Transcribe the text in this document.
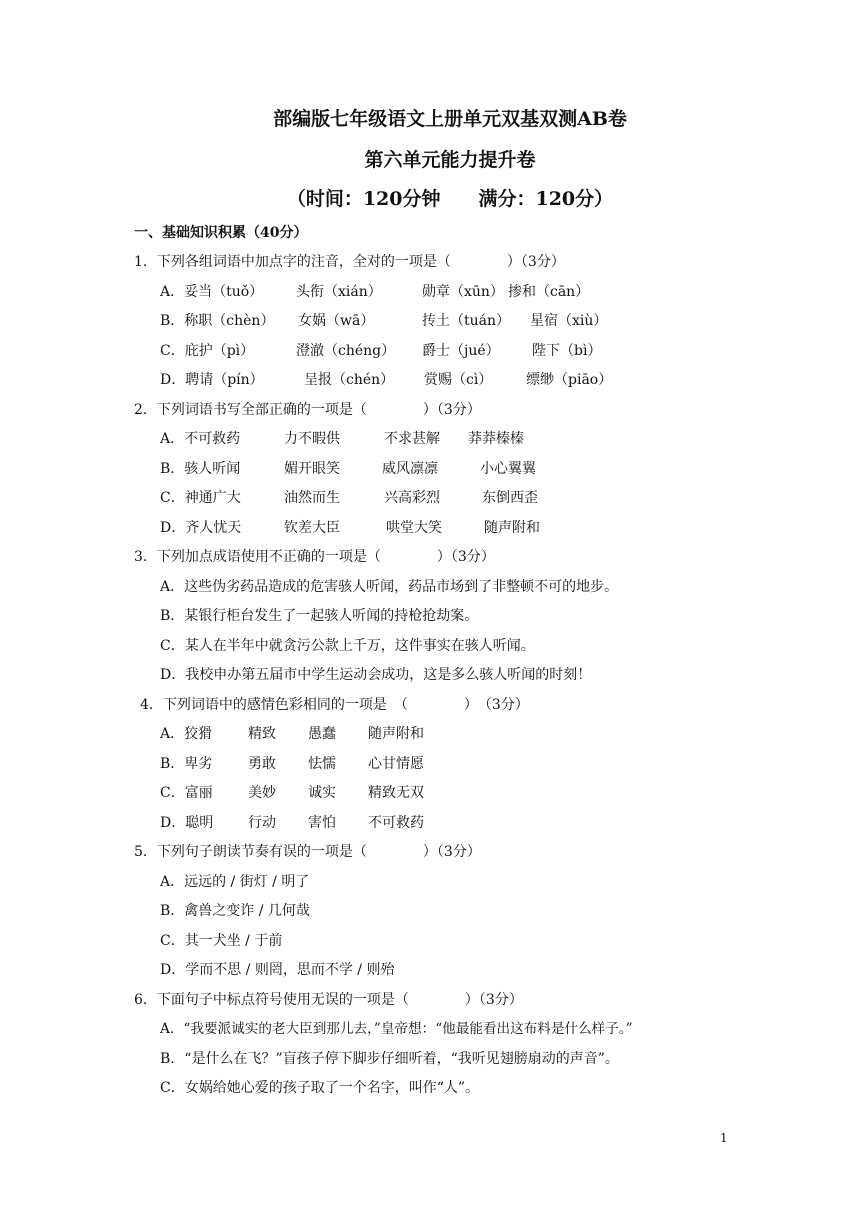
部编版七年级语文上册单元双基双测AB卷
第六单元能力提升卷
（时间：120分钟　　满分：120分）
一、基础知识积累（40分）
1．下列各组词语中加点字的注音，全对的一项是（　　　　）（3分）
A．妥当（tuǒ） 头衔（xián）	勋章（xūn） 掺和（cān）
B．称职（chèn） 女娲（wā）	抟土（tuán） 星宿（xiù）
C．庇护（pì）	澄澈（chéng） 爵士（jué） 陛下（bì）
D．聘请（pín）	呈报（chén） 赏赐（cì） 缥缈（piāo）
2．下列词语书写全部正确的一项是（　　　　）（3分）
A．不可救药	力不暇供	不求甚解 莽莽榛榛
B．骇人听闻	媚开眼笑	威风凛凛	小心翼翼
C．神通广大	油然而生	兴高彩烈	东倒西歪
D．齐人忧天	钦差大臣	哄堂大笑	随声附和
3．下列加点成语使用不正确的一项是（　　　　）（3分）
A．这些伪劣药品造成的危害骇人听闻，药品市场到了非整顿不可的地步。
B．某银行柜台发生了一起骇人听闻的持枪抢劫案。
C．某人在半年中就贪污公款上千万，这件事实在骇人听闻。
D．我校申办第五届市中学生运动会成功，这是多么骇人听闻的时刻！
4．下列词语中的感情色彩相同的一项是　（　　　　）　（3分）
A．狡猾	精致 愚蠢 随声附和
B．卑劣	勇敢 怯懦 心甘情愿
C．富丽	美妙 诚实 精致无双
D．聪明 行动 害怕 不可救药
5．下列句子朗读节奏有误的一项是（　　　　）（3分）
A．远远的 / 街灯 / 明了
B．禽兽之变诈 / 几何哉
C．其一犬坐 / 于前
D．学而不思 / 则罔，思而不学 / 则殆
6．下面句子中标点符号使用无误的一项是（　　　　）（3分）
A．“我要派诚实的老大臣到那儿去，”皇帝想：“他最能看出这布料是什么样子。”
B．“是什么在飞？”盲孩子停下脚步仔细听着，“我听见翅膀扇动的声音”。
C．女娲给她心爱的孩子取了一个名字，叫作“人”。
1
